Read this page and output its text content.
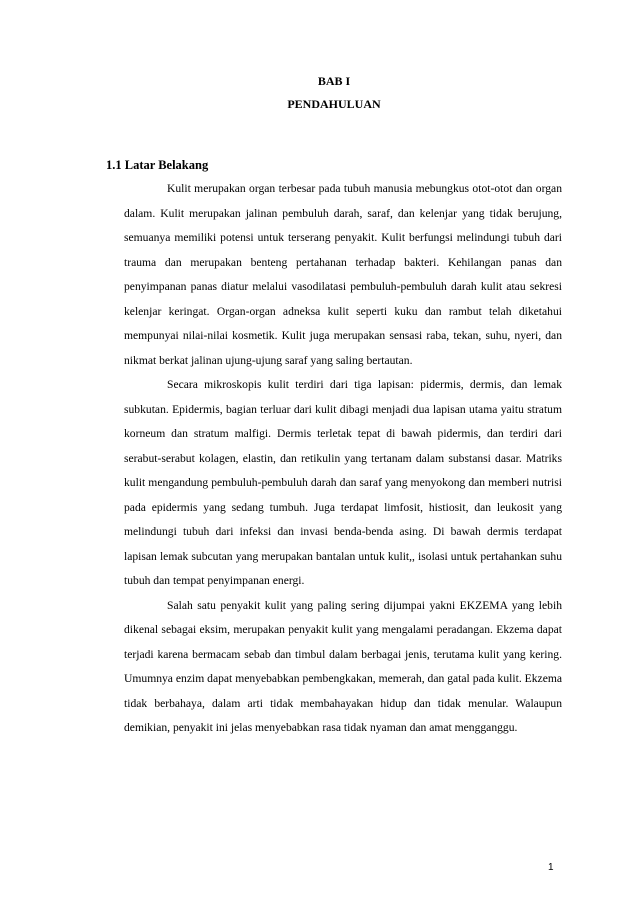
BAB I
PENDAHULUAN
1.1 Latar Belakang

Kulit merupakan organ terbesar pada tubuh manusia mebungkus otot-otot dan organ dalam. Kulit merupakan jalinan pembuluh darah, saraf, dan kelenjar yang tidak berujung, semuanya memiliki potensi untuk terserang penyakit. Kulit berfungsi melindungi tubuh dari trauma dan merupakan benteng pertahanan terhadap bakteri. Kehilangan panas dan penyimpanan panas diatur melalui vasodilatasi pembuluh-pembuluh darah kulit atau sekresi kelenjar keringat. Organ-organ adneksa kulit seperti kuku dan rambut telah diketahui mempunyai nilai-nilai kosmetik. Kulit juga merupakan sensasi raba, tekan, suhu, nyeri, dan nikmat berkat jalinan ujung-ujung saraf yang saling bertautan.

Secara mikroskopis kulit terdiri dari tiga lapisan: pidermis, dermis, dan lemak subkutan. Epidermis, bagian terluar dari kulit dibagi menjadi dua lapisan utama yaitu stratum korneum dan stratum malfigi. Dermis terletak tepat di bawah pidermis, dan terdiri dari serabut-serabut kolagen, elastin, dan retikulin yang tertanam dalam substansi dasar. Matriks kulit mengandung pembuluh-pembuluh darah dan saraf yang menyokong dan memberi nutrisi pada epidermis yang sedang tumbuh. Juga terdapat limfosit, histiosit, dan leukosit yang melindungi tubuh dari infeksi dan invasi benda-benda asing. Di bawah dermis terdapat lapisan lemak subcutan yang merupakan bantalan untuk kulit,, isolasi untuk pertahankan suhu tubuh dan tempat penyimpanan energi.

Salah satu penyakit kulit yang paling sering dijumpai yakni EKZEMA yang lebih dikenal sebagai eksim, merupakan penyakit kulit yang mengalami peradangan. Ekzema dapat terjadi karena bermacam sebab dan timbul dalam berbagai jenis, terutama kulit yang kering. Umumnya enzim dapat menyebabkan pembengkakan, memerah, dan gatal pada kulit. Ekzema tidak berbahaya, dalam arti tidak membahayakan hidup dan tidak menular. Walaupun demikian, penyakit ini jelas menyebabkan rasa tidak nyaman dan amat mengganggu.

1
